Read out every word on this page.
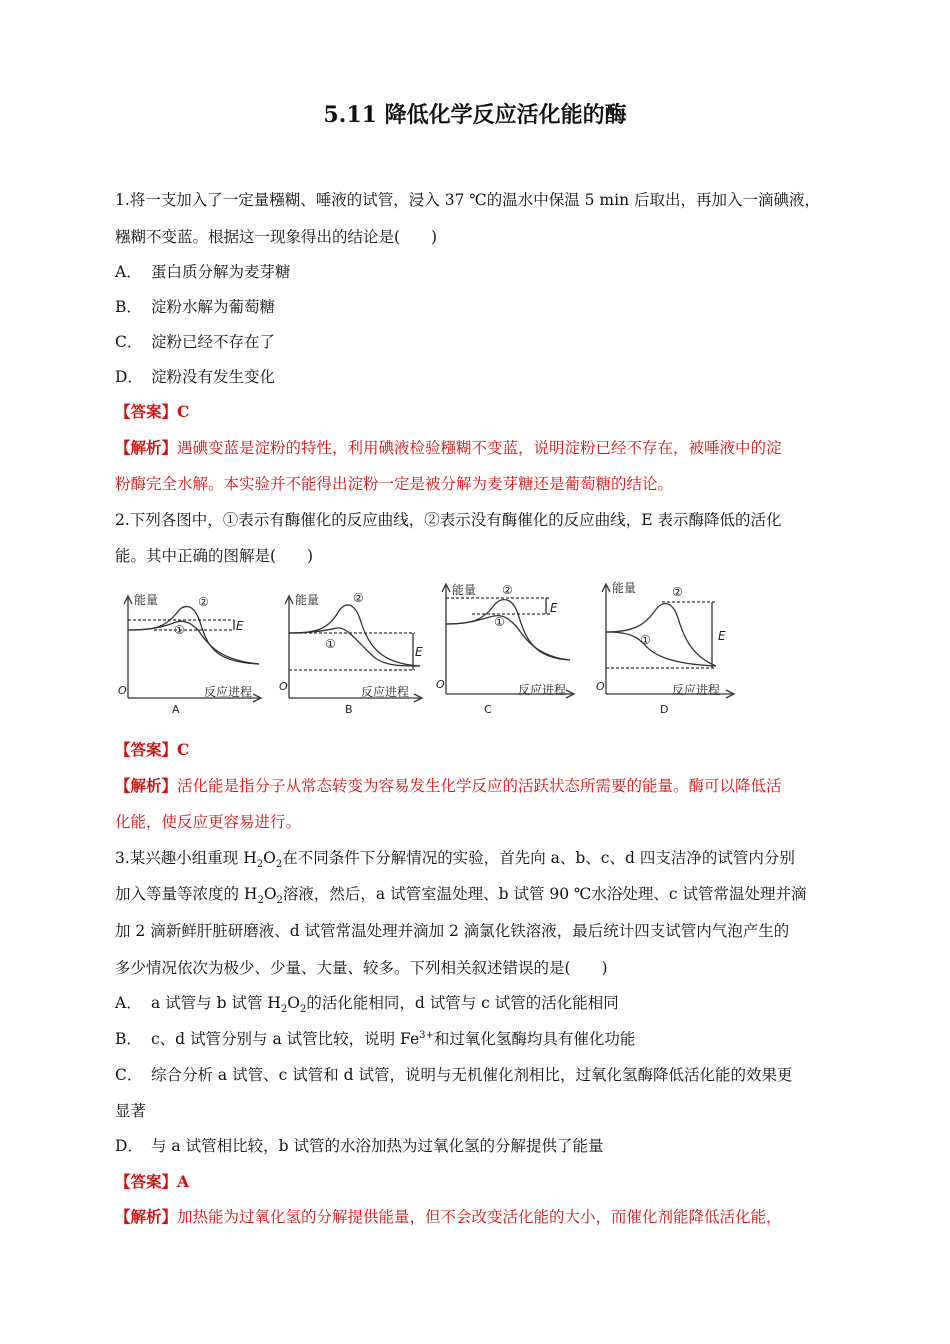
5.11 降低化学反应活化能的酶
1.将一支加入了一定量糨糊、唾液的试管，浸入 37 ℃的温水中保温 5 min 后取出，再加入一滴碘液，
糨糊不变蓝。根据这一现象得出的结论是(　　)
A． 蛋白质分解为麦芽糖
B． 淀粉水解为葡萄糖
C． 淀粉已经不存在了
D． 淀粉没有发生变化
【答案】C
【解析】遇碘变蓝是淀粉的特性，利用碘液检验糨糊不变蓝，说明淀粉已经不存在，被唾液中的淀
粉酶完全水解。本实验并不能得出淀粉一定是被分解为麦芽糖还是葡萄糖的结论。
2.下列各图中，①表示有酶催化的反应曲线，②表示没有酶催化的反应曲线，E 表示酶降低的活化
能。其中正确的图解是(　　)
能量	②
①	E
O	反应进程
A
能量	②
①
E
O	反应进程
B
能量 ②
①
E
O	反应进程
C
能量	②
①	E
O	反应进程
D
【答案】C
【解析】活化能是指分子从常态转变为容易发生化学反应的活跃状态所需要的能量。酶可以降低活
化能，使反应更容易进行。
3.某兴趣小组重现 $H_2O_2$在不同条件下分解情况的实验，首先向 a、b、c、d 四支洁净的试管内分别
加入等量等浓度的 $H_2O_2$溶液，然后，a 试管室温处理、b 试管 90 ℃水浴处理、c 试管常温处理并滴
加 2 滴新鲜肝脏研磨液、d 试管常温处理并滴加 2 滴氯化铁溶液，最后统计四支试管内气泡产生的
多少情况依次为极少、少量、大量、较多。下列相关叙述错误的是(　　)
A． a 试管与 b 试管 $H_2O_2$的活化能相同，d 试管与 c 试管的活化能相同
B． c、d 试管分别与 a 试管比较，说明 $Fe^{3+}$和过氧化氢酶均具有催化功能
C． 综合分析 a 试管、c 试管和 d 试管，说明与无机催化剂相比，过氧化氢酶降低活化能的效果更
显著
D． 与 a 试管相比较，b 试管的水浴加热为过氧化氢的分解提供了能量
【答案】A
【解析】加热能为过氧化氢的分解提供能量，但不会改变活化能的大小，而催化剂能降低活化能，
